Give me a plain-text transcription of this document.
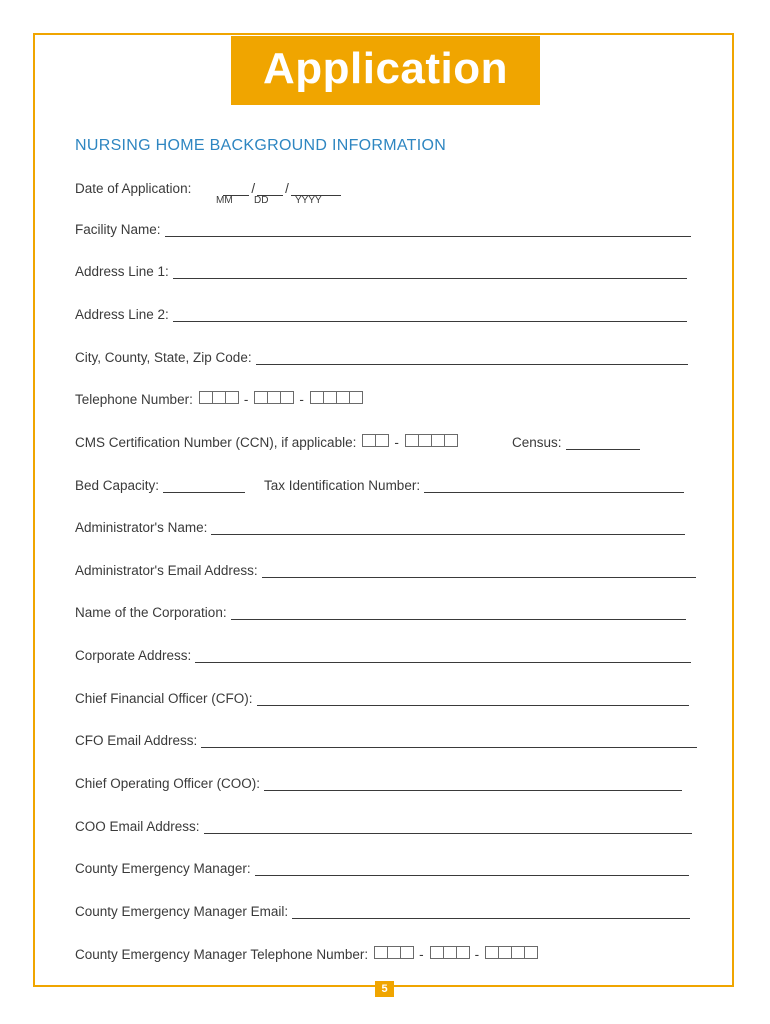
Application
NURSING HOME BACKGROUND INFORMATION
Date of Application:	/ /
MM DD	YYYY
Facility Name:
Address Line 1:
Address Line 2:
City, County, State, Zip Code:
Telephone Number:	-	-
CMS Certification Number (CCN), if applicable:	-	Census:
Bed Capacity:	Tax Identification Number:
Administrator's Name:
Administrator's Email Address:
Name of the Corporation:
Corporate Address:
Chief Financial Officer (CFO):
CFO Email Address:
Chief Operating Officer (COO):
COO Email Address:
County Emergency Manager:
County Emergency Manager Email:
County Emergency Manager Telephone Number:	-	-
5
